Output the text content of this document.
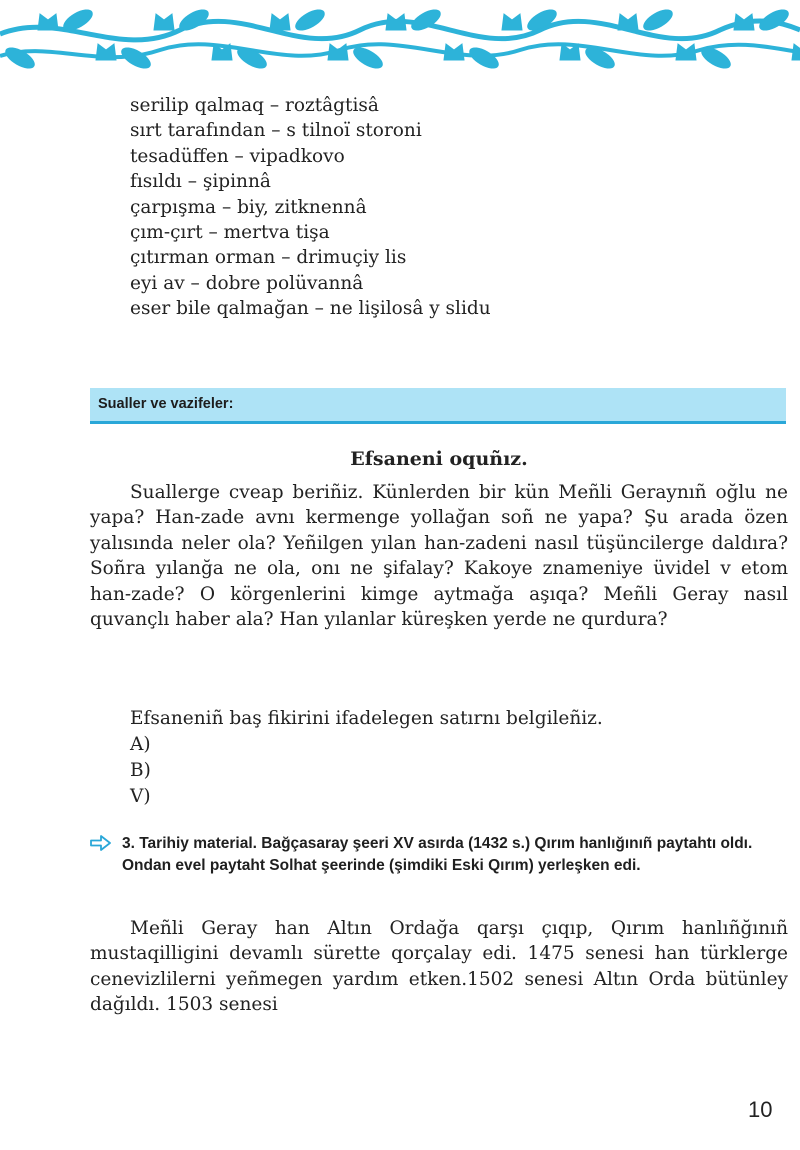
serilip qalmaq – roztâgtisâ
sırt tarafından – s tilnoï storoni
tesadüffen – vipadkovo
fısıldı – şipinnâ
çarpışma – biy, zitknennâ
çım-çırt – mertva tişa
çıtırman orman – drimuçiy lis
eyi av – dobre polüvannâ
eser bile qalmağan – ne lişilosâ y slidu
Sualler ve vazifeler:
Efsaneni oquñız.
Suallerge cveap beriñiz. Künlerden bir kün Meñli Geraynıñ oğlu ne yapa? Han-zade avnı kermenge yollağan soñ ne yapa? Şu arada özen yalısında neler ola? Yeñilgen yılan han-zadeni nasıl tüşüncilerge daldıra? Soñra yılanğa ne ola, onı ne şifalay? Kakoye znameniye üvidel v etom han-zade? O körgenlerini kimge aytmağa aşıqa? Meñli Geray nasıl quvançlı haber ala? Han yılanlar küreşken yerde ne qurdura?
Efsaneniñ baş fikirini ifadelegen satırnı belgileñiz.
A)
B)
V)
3. Tarihiy material. Bağçasaray şeeri XV asırda (1432 s.) Qırım hanlığınıñ paytahtı oldı. Ondan evel paytaht Solhat şeerinde (şimdiki Eski Qırım) yerleşken edi.
Meñli Geray han Altın Ordağa qarşı çıqıp, Qırım hanlıñğınıñ mustaqilligini devamlı sürette qorçalay edi. 1475 senesi han türklerge cenevizlilerni yeñmegen yardım etken.1502 senesi Altın Orda bütünley dağıldı. 1503 senesi
10
